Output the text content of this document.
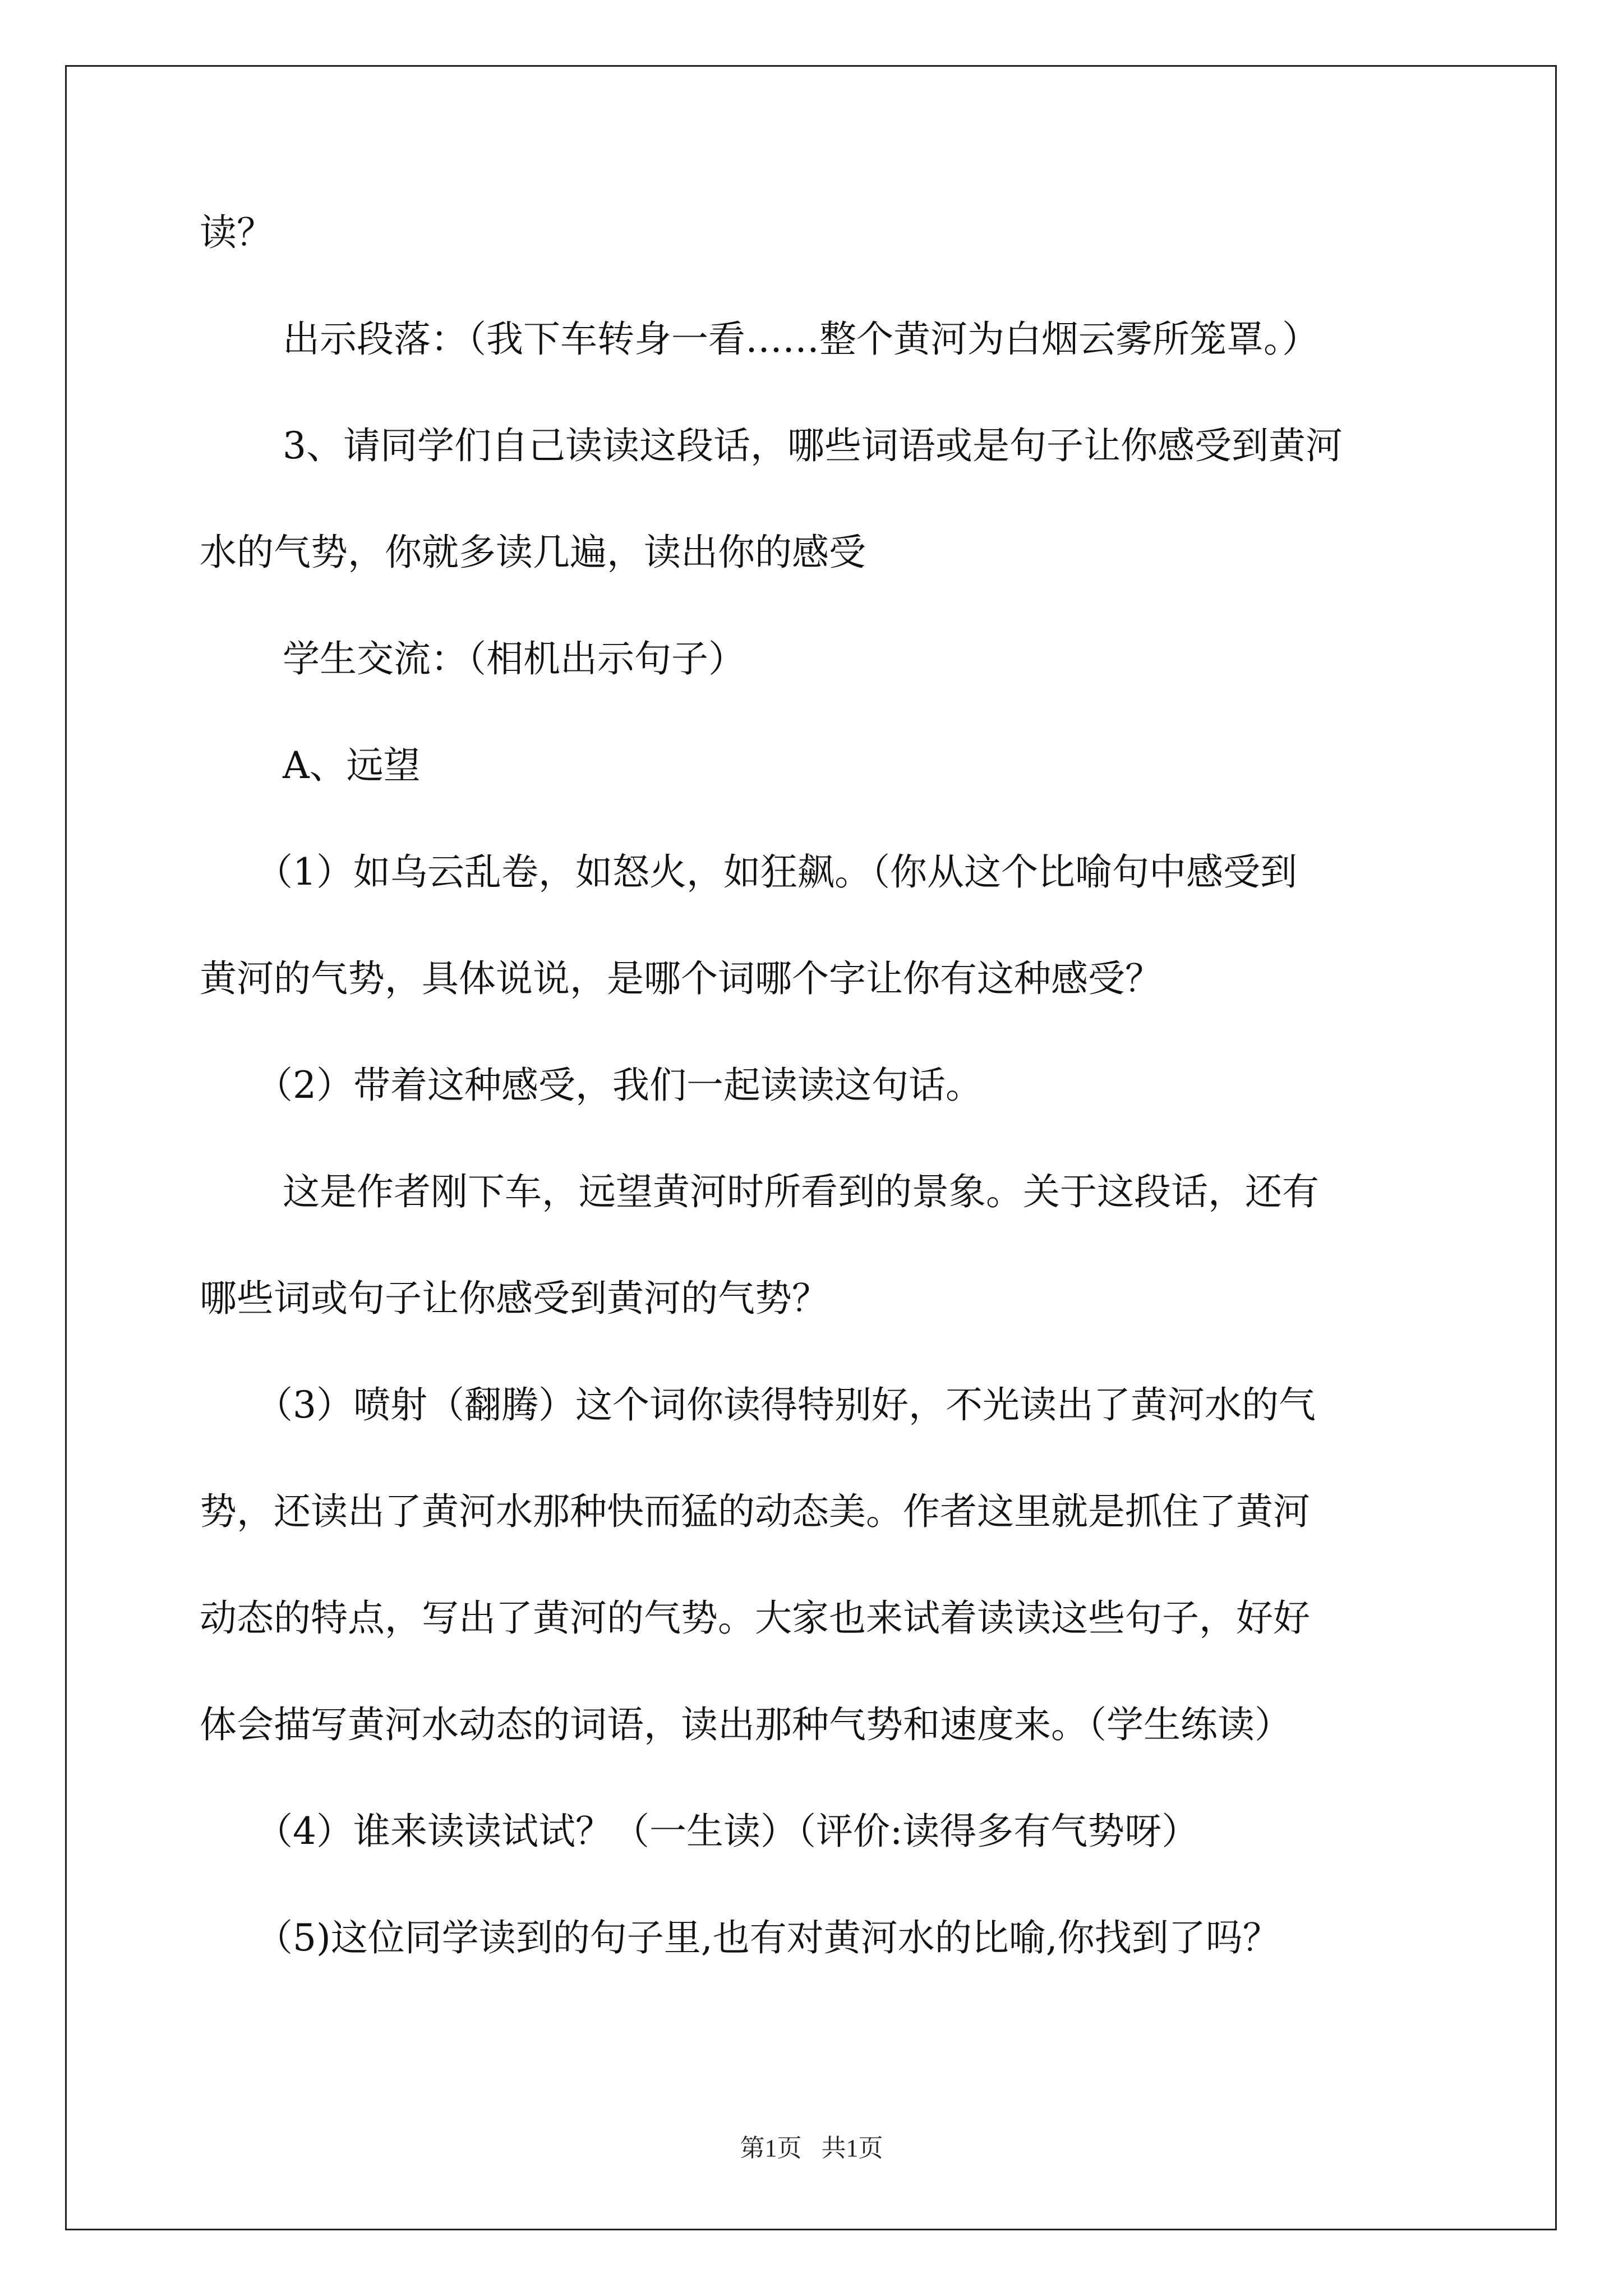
读？

出示段落：（我下车转身一看……整个黄河为白烟云雾所笼罩。）

3、请同学们自己读读这段话，哪些词语或是句子让你感受到黄河

水的气势，你就多读几遍，读出你的感受

学生交流：（相机出示句子）

A、远望

（1）如乌云乱卷，如怒火，如狂飙。（你从这个比喻句中感受到

黄河的气势，具体说说，是哪个词哪个字让你有这种感受？

（2）带着这种感受，我们一起读读这句话。

这是作者刚下车，远望黄河时所看到的景象。关于这段话，还有

哪些词或句子让你感受到黄河的气势？

（3）喷射（翻腾）这个词你读得特别好，不光读出了黄河水的气

势，还读出了黄河水那种快而猛的动态美。作者这里就是抓住了黄河

动态的特点，写出了黄河的气势。大家也来试着读读这些句子，好好

体会描写黄河水动态的词语，读出那种气势和速度来。（学生练读）

（4）谁来读读试试？（一生读）（评价:读得多有气势呀）

（5)这位同学读到的句子里,也有对黄河水的比喻,你找到了吗？

第1页 共1页
